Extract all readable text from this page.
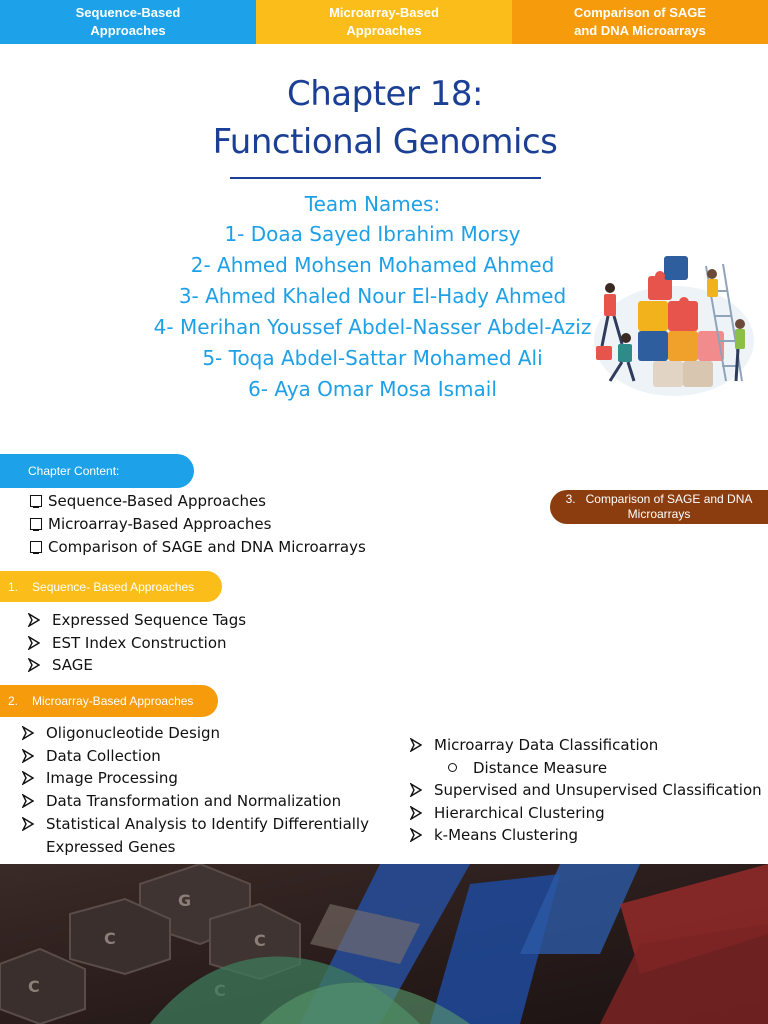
Sequence-Based
Approaches
Microarray-Based
Approaches
Comparison of SAGE
and DNA Microarrays
Chapter 18:
Functional Genomics
Team Names:
1- Doaa Sayed Ibrahim Morsy
2- Ahmed Mohsen Mohamed Ahmed
3- Ahmed Khaled Nour El-Hady Ahmed
4- Merihan Youssef Abdel-Nasser Abdel-Aziz
5- Toqa Abdel-Sattar Mohamed Ali
6- Aya Omar Mosa Ismail
Chapter Content:
Sequence-Based Approaches
Microarray-Based Approaches
Comparison of SAGE and DNA Microarrays
3. Comparison of SAGE and DNA
Microarrays
1. Sequence- Based Approaches
Expressed Sequence Tags
EST Index Construction
SAGE
2. Microarray-Based Approaches
Oligonucleotide Design
Data Collection
Image Processing
Data Transformation and Normalization
Statistical Analysis to Identify Differentially Expressed Genes
Microarray Data Classification
Distance Measure
Supervised and Unsupervised Classification
Hierarchical Clustering
k-Means Clustering
G
C	C
C
